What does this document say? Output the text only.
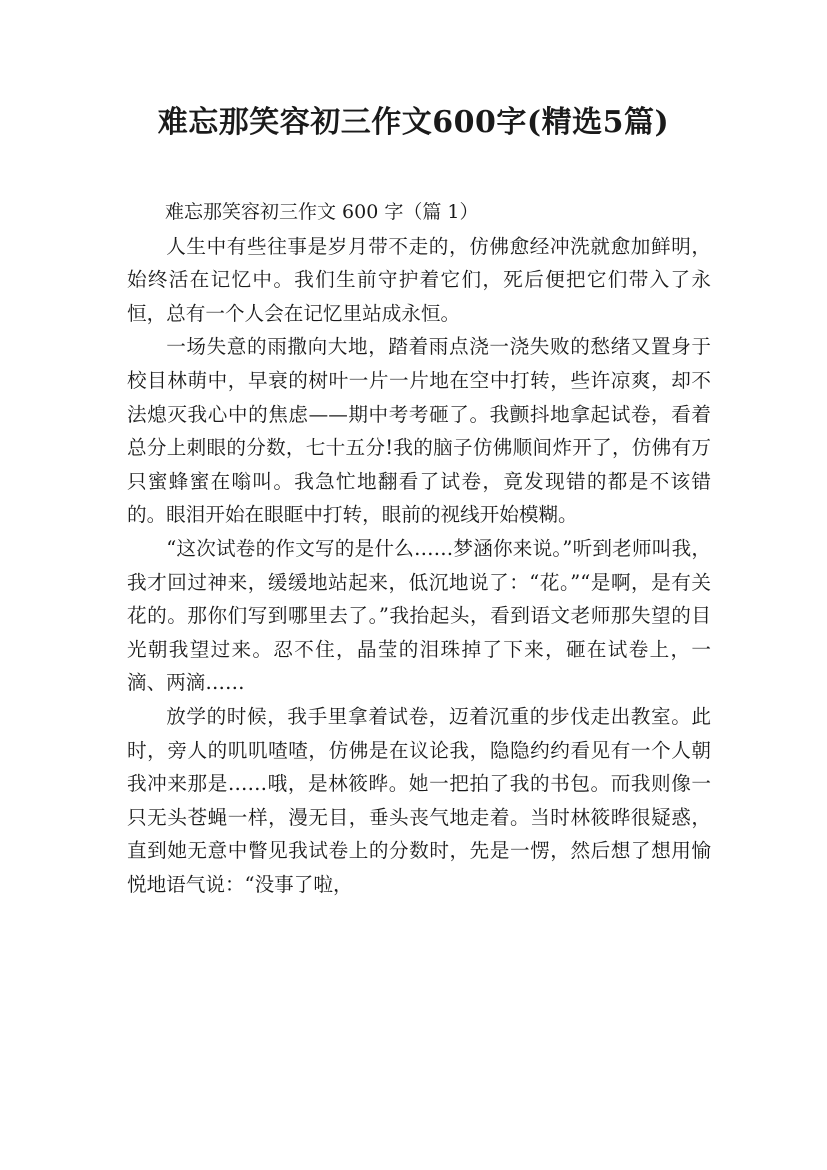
难忘那笑容初三作文600字(精选5篇)
难忘那笑容初三作文 600 字（篇 1）

人生中有些往事是岁月带不走的，仿佛愈经冲洗就愈加鲜明，始终活在记忆中。我们生前守护着它们，死后便把它们带入了永恒，总有一个人会在记忆里站成永恒。

一场失意的雨撒向大地，踏着雨点浇一浇失败的愁绪又置身于校目林萌中，早衰的树叶一片一片地在空中打转，些许凉爽，却不法熄灭我心中的焦虑——期中考考砸了。我颤抖地拿起试卷，看着总分上刺眼的分数，七十五分!我的脑子仿佛顺间炸开了，仿佛有万只蜜蜂蜜在嗡叫。我急忙地翻看了试卷，竟发现错的都是不该错的。眼泪开始在眼眶中打转，眼前的视线开始模糊。

“这次试卷的作文写的是什么……梦涵你来说。”听到老师叫我，我才回过神来，缓缓地站起来，低沉地说了：“花。”“是啊，是有关花的。那你们写到哪里去了。”我抬起头，看到语文老师那失望的目光朝我望过来。忍不住，晶莹的泪珠掉了下来，砸在试卷上，一滴、两滴……

放学的时候，我手里拿着试卷，迈着沉重的步伐走出教室。此时，旁人的叽叽喳喳，仿佛是在议论我，隐隐约约看见有一个人朝我冲来那是……哦，是林筱晔。她一把拍了我的书包。而我则像一只无头苍蝇一样，漫无目，垂头丧气地走着。当时林筱晔很疑惑，直到她无意中瞥见我试卷上的分数时，先是一愣，然后想了想用愉悦地语气说：“没事了啦，
